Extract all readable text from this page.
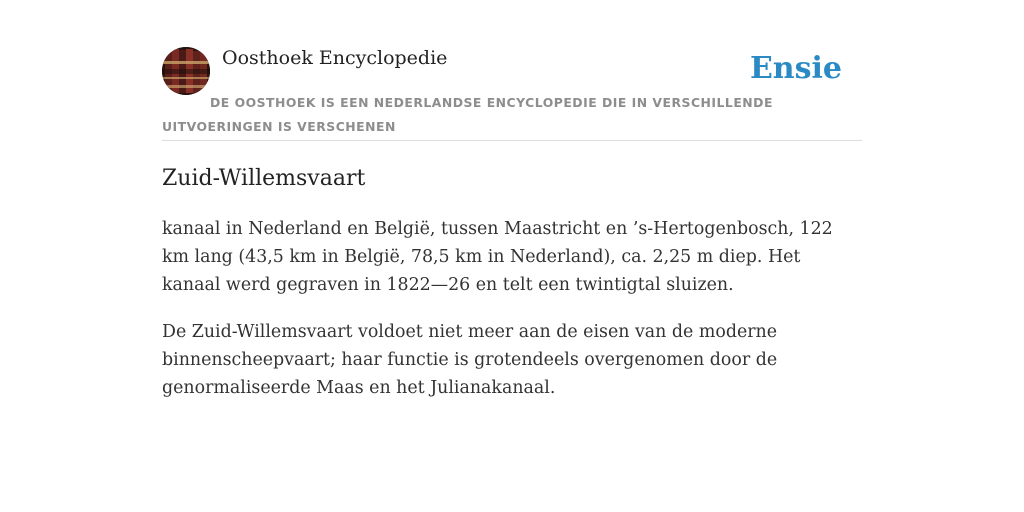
Oosthoek Encyclopedie	Ensie
DE OOSTHOEK IS EEN NEDERLANDSE ENCYCLOPEDIE DIE IN VERSCHILLENDE UITVOERINGEN IS VERSCHENEN
Zuid-Willemsvaart

kanaal in Nederland en België, tussen Maastricht en ’s-Hertogenbosch, 122 km lang (43,5 km in België, 78,5 km in Nederland), ca. 2,25 m diep. Het kanaal werd gegraven in 1822—26 en telt een twintigtal sluizen.

De Zuid-Willemsvaart voldoet niet meer aan de eisen van de moderne binnenscheepvaart; haar functie is grotendeels overgenomen door de genormaliseerde Maas en het Julianakanaal.
